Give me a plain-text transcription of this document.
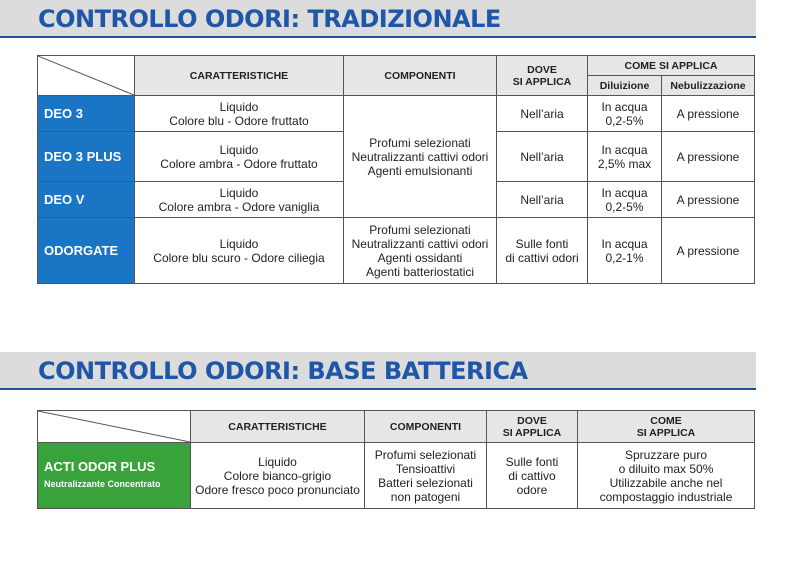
CONTROLLO ODORI: TRADIZIONALE
	CARATTERISTICHE	COMPONENTI	DOVE
SI APPLICA	COME SI APPLICA	
				Diluizione	Nebulizzazione
DEO 3	Liquido
Colore blu - Odore fruttato	Profumi selezionati
Neutralizzanti cattivi odori
Agenti emulsionanti	Nell’aria	In acqua
0,2-5%	A pressione
DEO 3 PLUS	Liquido
Colore ambra - Odore fruttato		Nell’aria	In acqua
2,5% max	A pressione
DEO V	Liquido
Colore ambra - Odore vaniglia		Nell’aria	In acqua
0,2-5%	A pressione
ODORGATE	Liquido
Colore blu scuro - Odore ciliegia	Profumi selezionati
Neutralizzanti cattivi odori
Agenti ossidanti
Agenti batteriostatici	Sulle fonti
di cattivi odori	In acqua
0,2-1%	A pressione
CONTROLLO ODORI: BASE BATTERICA
	CARATTERISTICHE	COMPONENTI	DOVE
SI APPLICA	COME
SI APPLICA

ACTI ODOR PLUS
Neutralizzante Concentrato	Liquido
Colore bianco-grigio
Odore fresco poco pronunciato	Profumi selezionati
Tensioattivi
Batteri selezionati
non patogeni	Sulle fonti
di cattivo
odore	Spruzzare puro
o diluito max 50%
Utilizzabile anche nel
compostaggio industriale
